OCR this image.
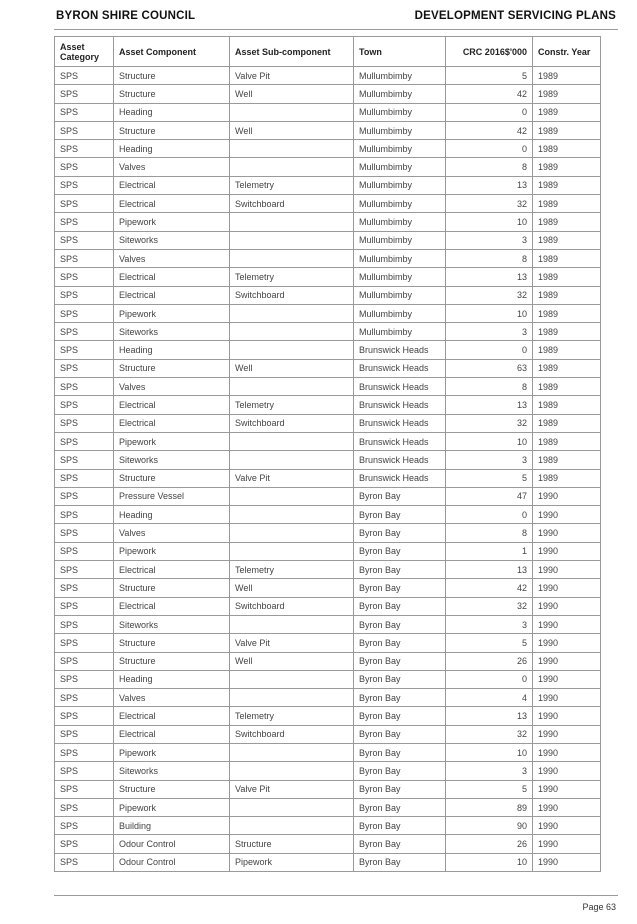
BYRON SHIRE COUNCIL	DEVELOPMENT SERVICING PLANS
Asset Category	Asset Component	Asset Sub-component	Town	CRC 2016$'000	Constr. Year
SPS	Structure	Valve Pit	Mullumbimby	5	1989
SPS	Structure	Well	Mullumbimby	42	1989
SPS	Heading		Mullumbimby	0	1989
SPS	Structure	Well	Mullumbimby	42	1989
SPS	Heading		Mullumbimby	0	1989
SPS	Valves		Mullumbimby	8	1989
SPS	Electrical	Telemetry	Mullumbimby	13	1989
SPS	Electrical	Switchboard	Mullumbimby	32	1989
SPS	Pipework		Mullumbimby	10	1989
SPS	Siteworks		Mullumbimby	3	1989
SPS	Valves		Mullumbimby	8	1989
SPS	Electrical	Telemetry	Mullumbimby	13	1989
SPS	Electrical	Switchboard	Mullumbimby	32	1989
SPS	Pipework		Mullumbimby	10	1989
SPS	Siteworks		Mullumbimby	3	1989
SPS	Heading		Brunswick Heads	0	1989
SPS	Structure	Well	Brunswick Heads	63	1989
SPS	Valves		Brunswick Heads	8	1989
SPS	Electrical	Telemetry	Brunswick Heads	13	1989
SPS	Electrical	Switchboard	Brunswick Heads	32	1989
SPS	Pipework		Brunswick Heads	10	1989
SPS	Siteworks		Brunswick Heads	3	1989
SPS	Structure	Valve Pit	Brunswick Heads	5	1989
SPS	Pressure Vessel		Byron Bay	47	1990
SPS	Heading		Byron Bay	0	1990
SPS	Valves		Byron Bay	8	1990
SPS	Pipework		Byron Bay	1	1990
SPS	Electrical	Telemetry	Byron Bay	13	1990
SPS	Structure	Well	Byron Bay	42	1990
SPS	Electrical	Switchboard	Byron Bay	32	1990
SPS	Siteworks		Byron Bay	3	1990
SPS	Structure	Valve Pit	Byron Bay	5	1990
SPS	Structure	Well	Byron Bay	26	1990
SPS	Heading		Byron Bay	0	1990
SPS	Valves		Byron Bay	4	1990
SPS	Electrical	Telemetry	Byron Bay	13	1990
SPS	Electrical	Switchboard	Byron Bay	32	1990
SPS	Pipework		Byron Bay	10	1990
SPS	Siteworks		Byron Bay	3	1990
SPS	Structure	Valve Pit	Byron Bay	5	1990
SPS	Pipework		Byron Bay	89	1990
SPS	Building		Byron Bay	90	1990
SPS	Odour Control	Structure	Byron Bay	26	1990
SPS	Odour Control	Pipework	Byron Bay	10	1990
Page 63
